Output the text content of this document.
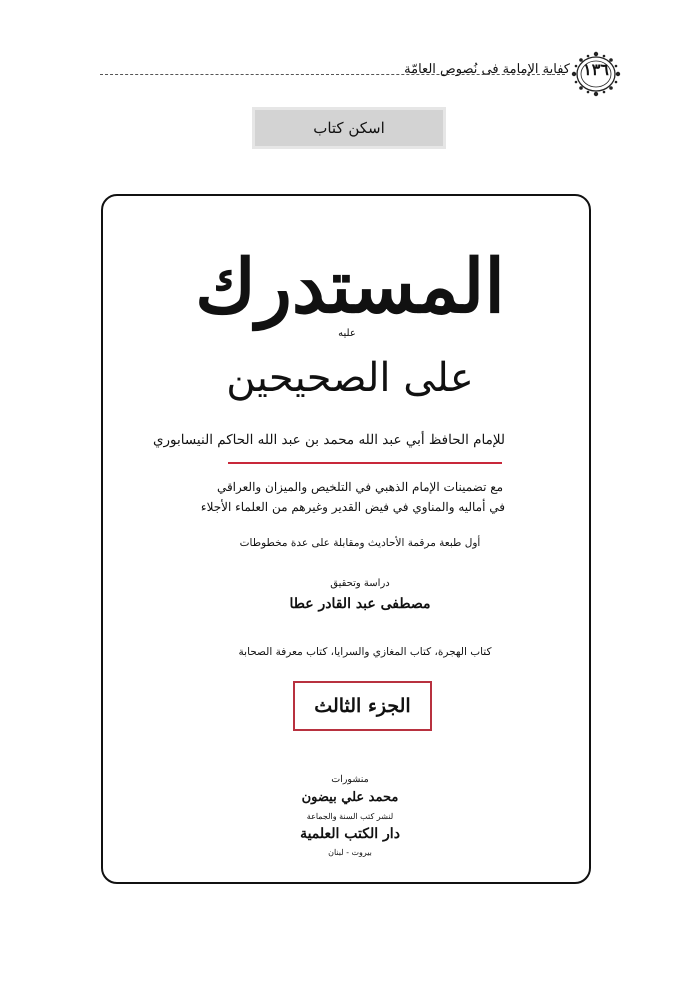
كفاية الإمامة فى نُصوص العامّة ١٣٦
اسكن كتاب
المستدرك
عليه
على الصحيحين
للإمام الحافظ أبي عبد الله محمد بن عبد الله الحاكم النيسابوري
مع تضمينات الإمام الذهبي في التلخيص والميزان والعراقي
في أماليه والمناوي في فيض القدير وغيرهم من العلماء الأجلاء
أول طبعة مرقمة الأحاديث ومقابلة على عدة مخطوطات
دراسة وتحقيق
مصطفى عبد القادر عطا
كتاب الهجرة، كتاب المغازي والسرايا، كتاب معرفة الصحابة
الجزء الثالث
منشورات
محمد علي بيضون
لنشر كتب السنة والجماعة
دار الكتب العلمية
بيروت - لبنان
